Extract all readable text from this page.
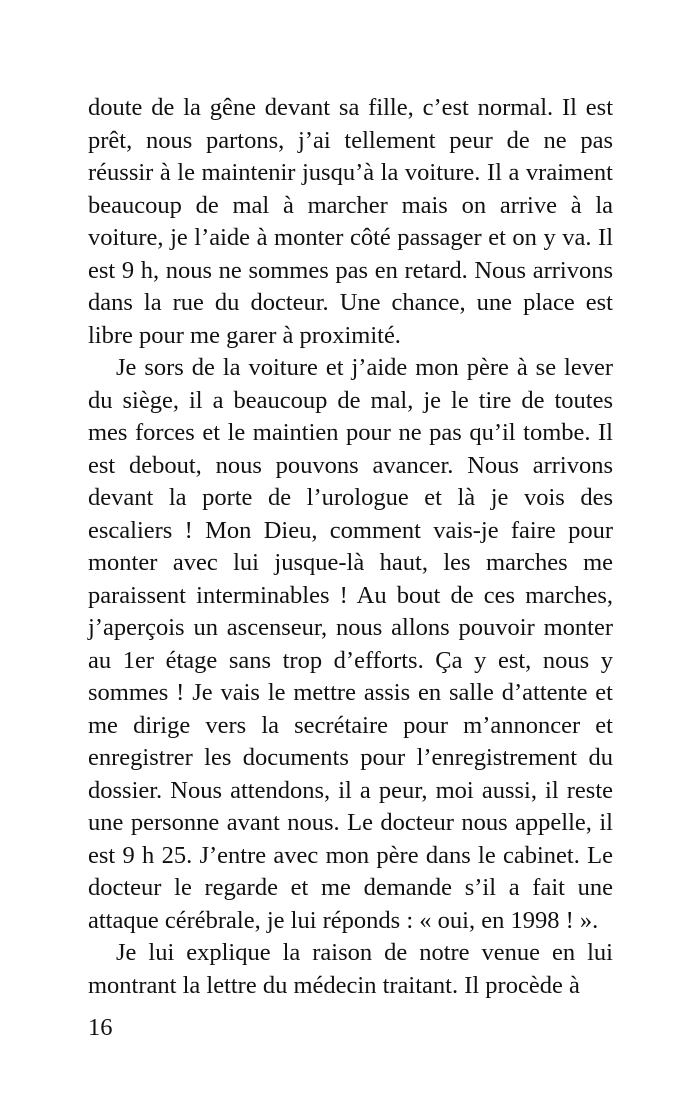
doute de la gêne devant sa fille, c’est normal. Il est prêt, nous partons, j’ai tellement peur de ne pas réussir à le maintenir jusqu’à la voiture. Il a vraiment beaucoup de mal à marcher mais on arrive à la voiture, je l’aide à monter côté passager et on y va. Il est 9 h, nous ne sommes pas en retard. Nous arrivons dans la rue du docteur. Une chance, une place est libre pour me garer à proximité.

Je sors de la voiture et j’aide mon père à se lever du siège, il a beaucoup de mal, je le tire de toutes mes forces et le maintien pour ne pas qu’il tombe. Il est debout, nous pouvons avancer. Nous arrivons devant la porte de l’urologue et là je vois des escaliers ! Mon Dieu, comment vais-je faire pour monter avec lui jusque-là haut, les marches me paraissent interminables ! Au bout de ces marches, j’aperçois un ascenseur, nous allons pouvoir monter au 1er étage sans trop d’efforts. Ça y est, nous y sommes ! Je vais le mettre assis en salle d’attente et me dirige vers la secrétaire pour m’annoncer et enregistrer les documents pour l’enregistrement du dossier. Nous attendons, il a peur, moi aussi, il reste une personne avant nous. Le docteur nous appelle, il est 9 h 25. J’entre avec mon père dans le cabinet. Le docteur le regarde et me demande s’il a fait une attaque cérébrale, je lui réponds : « oui, en 1998 ! ».

Je lui explique la raison de notre venue en lui montrant la lettre du médecin traitant. Il procède à

16
